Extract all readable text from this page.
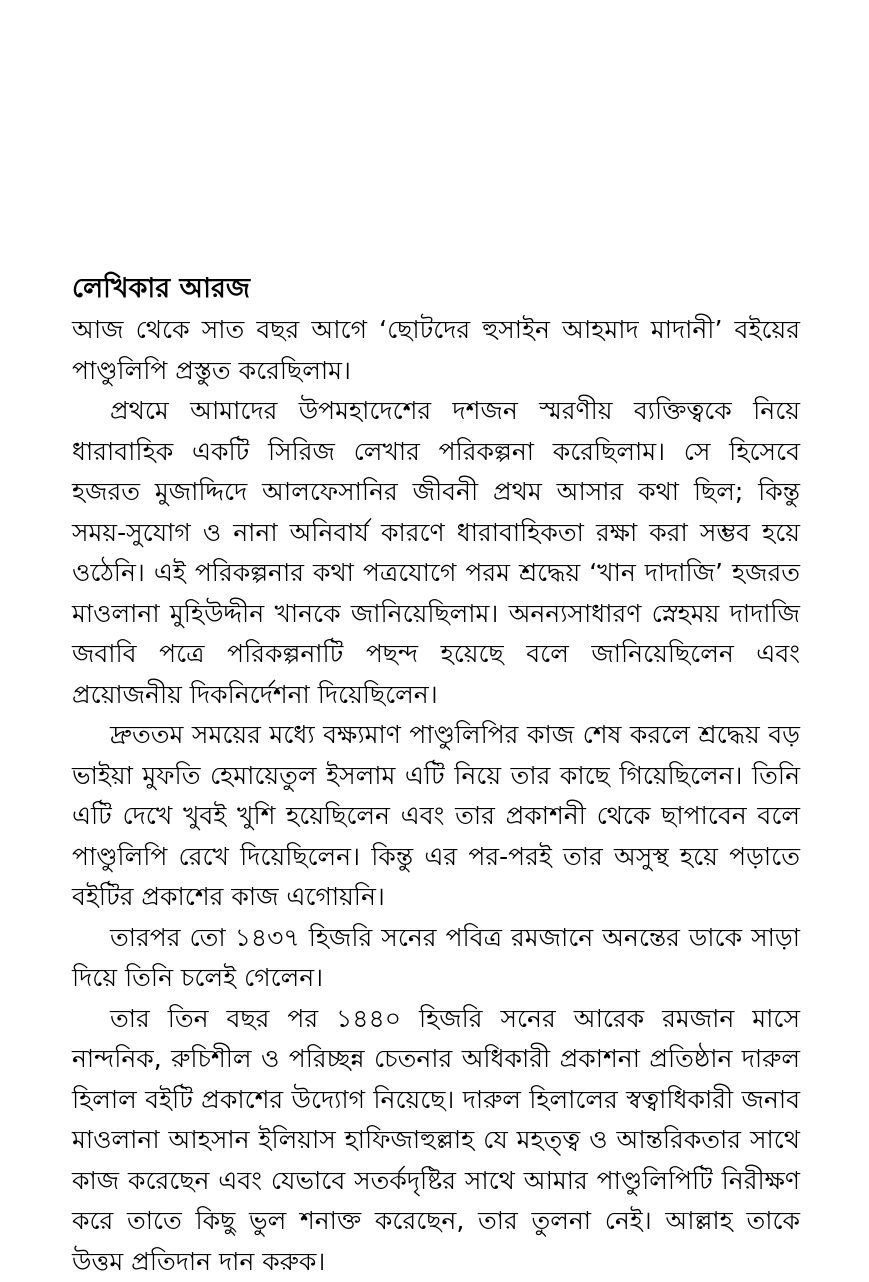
লেখিকার আরজ

আজ থেকে সাত বছর আগে ‘ছোটদের হুসাইন আহমাদ মাদানী’ বইয়ের পাণ্ডুলিপি প্রস্তুত করেছিলাম।

প্রথমে আমাদের উপমহাদেশের দশজন স্মরণীয় ব্যক্তিত্বকে নিয়ে ধারাবাহিক একটি সিরিজ লেখার পরিকল্পনা করেছিলাম। সে হিসেবে হজরত মুজাদ্দিদে আলফেসানির জীবনী প্রথম আসার কথা ছিল; কিন্তু সময়-সুযোগ ও নানা অনিবার্য কারণে ধারাবাহিকতা রক্ষা করা সম্ভব হয়ে ওঠেনি। এই পরিকল্পনার কথা পত্রযোগে পরম শ্রদ্ধেয় ‘খান দাদাজি’ হজরত মাওলানা মুহিউদ্দীন খানকে জানিয়েছিলাম। অনন্যসাধারণ স্নেহময় দাদাজি জবাবি পত্রে পরিকল্পনাটি পছন্দ হয়েছে বলে জানিয়েছিলেন এবং প্রয়োজনীয় দিকনির্দেশনা দিয়েছিলেন।

দ্রুততম সময়ের মধ্যে বক্ষ্যমাণ পাণ্ডুলিপির কাজ শেষ করলে শ্রদ্ধেয় বড় ভাইয়া মুফতি হেমায়েতুল ইসলাম এটি নিয়ে তার কাছে গিয়েছিলেন। তিনি এটি দেখে খুবই খুশি হয়েছিলেন এবং তার প্রকাশনী থেকে ছাপাবেন বলে পাণ্ডুলিপি রেখে দিয়েছিলেন। কিন্তু এর পর-পরই তার অসুস্থ হয়ে পড়াতে বইটির প্রকাশের কাজ এগোয়নি।

তারপর তো ১৪৩৭ হিজরি সনের পবিত্র রমজানে অনন্তের ডাকে সাড়া দিয়ে তিনি চলেই গেলেন।

তার তিন বছর পর ১৪৪০ হিজরি সনের আরেক রমজান মাসে নান্দনিক, রুচিশীল ও পরিচ্ছন্ন চেতনার অধিকারী প্রকাশনা প্রতিষ্ঠান দারুল হিলাল বইটি প্রকাশের উদ্যোগ নিয়েছে। দারুল হিলালের স্বত্বাধিকারী জনাব মাওলানা আহসান ইলিয়াস হাফিজাহুল্লাহ যে মহত্ত্ব ও আন্তরিকতার সাথে কাজ করেছেন এবং যেভাবে সতর্কদৃষ্টির সাথে আমার পাণ্ডুলিপিটি নিরীক্ষণ করে তাতে কিছু ভুল শনাক্ত করেছেন, তার তুলনা নেই। আল্লাহ তাকে উত্তম প্রতিদান দান করুক।
